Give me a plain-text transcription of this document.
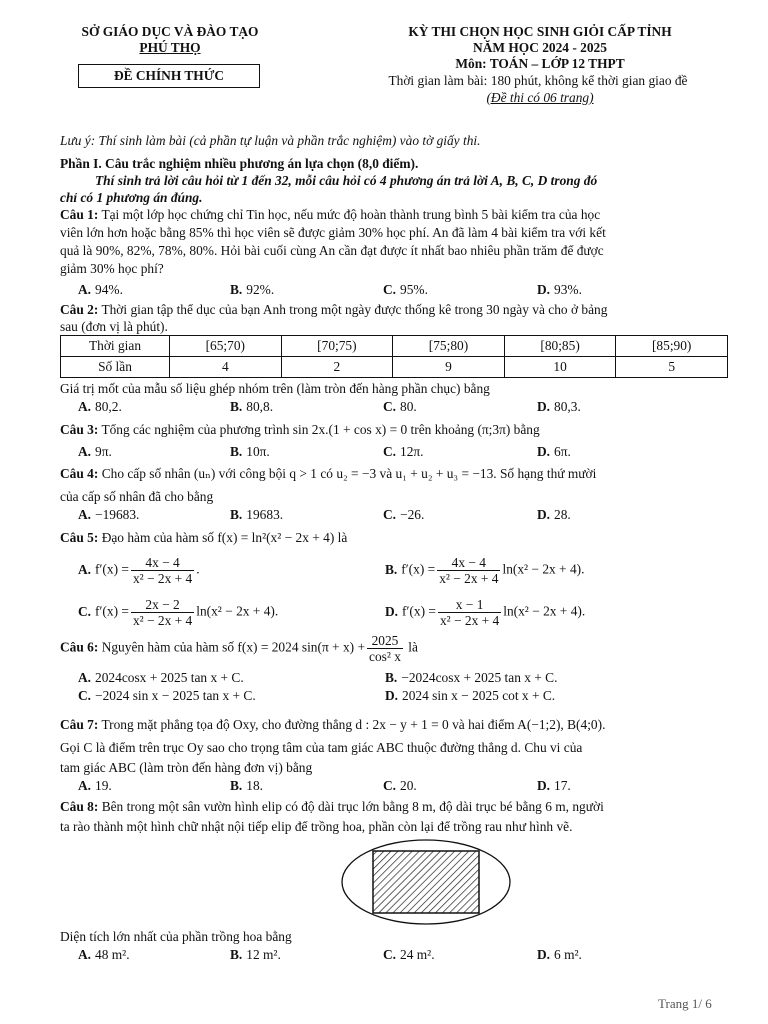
SỞ GIÁO DỤC VÀ ĐÀO TẠO
PHÚ THỌ
ĐỀ CHÍNH THỨC
KỲ THI CHỌN HỌC SINH GIỎI CẤP TỈNH
NĂM HỌC 2024 - 2025
Môn: TOÁN – LỚP 12 THPT
Thời gian làm bài: 180 phút, không kể thời gian giao đề
(Đề thi có 06 trang)
Lưu ý: Thí sinh làm bài (cả phần tự luận và phần trắc nghiệm) vào tờ giấy thi.
Phần I. Câu trắc nghiệm nhiều phương án lựa chọn (8,0 điểm).
Thí sinh trả lời câu hỏi từ 1 đến 32, mỗi câu hỏi có 4 phương án trả lời A, B, C, D trong đó
chỉ có 1 phương án đúng.
Câu 1: Tại một lớp học chứng chỉ Tin học, nếu mức độ hoàn thành trung bình 5 bài kiểm tra của học
viên lớn hơn hoặc bằng 85% thì học viên sẽ được giảm 30% học phí. An đã làm 4 bài kiểm tra với kết
quả là 90%, 82%, 78%, 80%. Hỏi bài cuối cùng An cần đạt được ít nhất bao nhiêu phần trăm để được
giảm 30% học phí?
A. 94%.	B. 92%.	C. 95%.	D. 93%.
Câu 2: Thời gian tập thể dục của bạn Anh trong một ngày được thống kê trong 30 ngày và cho ở bảng
sau (đơn vị là phút).
Thời gian	[65;70)	[70;75)	[75;80)	[80;85)	[85;90)
Số lần	4	2	9	10	5
Giá trị mốt của mẫu số liệu ghép nhóm trên (làm tròn đến hàng phần chục) bằng
A. 80,2.	B. 80,8.	C. 80.	D. 80,3.
Câu 3: Tổng các nghiệm của phương trình sin 2x.(1 + cos x) = 0 trên khoảng (π;3π) bằng
A. 9π.	B. 10π.	C. 12π.	D. 6π.
Câu 4: Cho cấp số nhân (uₙ) với công bội q > 1 có u₂ = −3 và u₁ + u₂ + u₃ = −13. Số hạng thứ mười
của cấp số nhân đã cho bằng
A. −19683.	B. 19683.	C. −26.	D. 28.
Câu 5: Đạo hàm của hàm số f(x) = ln²(x² − 2x + 4) là
A. $f'(x) = \frac{4x - 4}{\text{x² − 2x + 4}}$ .	B. $f'(x) = \frac{4x - 4}{\text{x² − 2x + 4}} \ln(x^2 - 2x + 4)$.
C. $f'(x) = \frac{2x - 2}{\text{x² − 2x + 4}} \ln(x^2 - 2x + 4)$.	D. $f'(x) = \frac{x - 1}{\text{x² − 2x + 4}} \ln(x^2 - 2x + 4)$.
Câu 6: Nguyên hàm của hàm số f(x) = 2024 $\sin(\pi + x) + \frac{2025}{\text{cos² x}}$ là
A. 2024cosx + 2025 tan x + C.	B. −2024cosx + 2025 tan x + C.
C. −2024 sin x − 2025 tan x + C.	D. 2024 sin x − 2025 cot x + C.
Câu 7: Trong mặt phẳng tọa độ Oxy, cho đường thẳng d : 2x − y + 1 = 0 và hai điểm A(−1;2), B(4;0).
Gọi C là điểm trên trục Oy sao cho trọng tâm của tam giác ABC thuộc đường thẳng d. Chu vi của
tam giác ABC (làm tròn đến hàng đơn vị) bằng
A. 19.	B. 18.	C. 20.	D. 17.
Câu 8: Bên trong một sân vườn hình elip có độ dài trục lớn bằng 8 m, độ dài trục bé bằng 6 m, người
ta rào thành một hình chữ nhật nội tiếp elip để trồng hoa, phần còn lại để trồng rau như hình vẽ.
Diện tích lớn nhất của phần trồng hoa bằng
A. 48 m².	B. 12 m².	C. 24 m².	D. 6 m².
Trang 1/ 6
